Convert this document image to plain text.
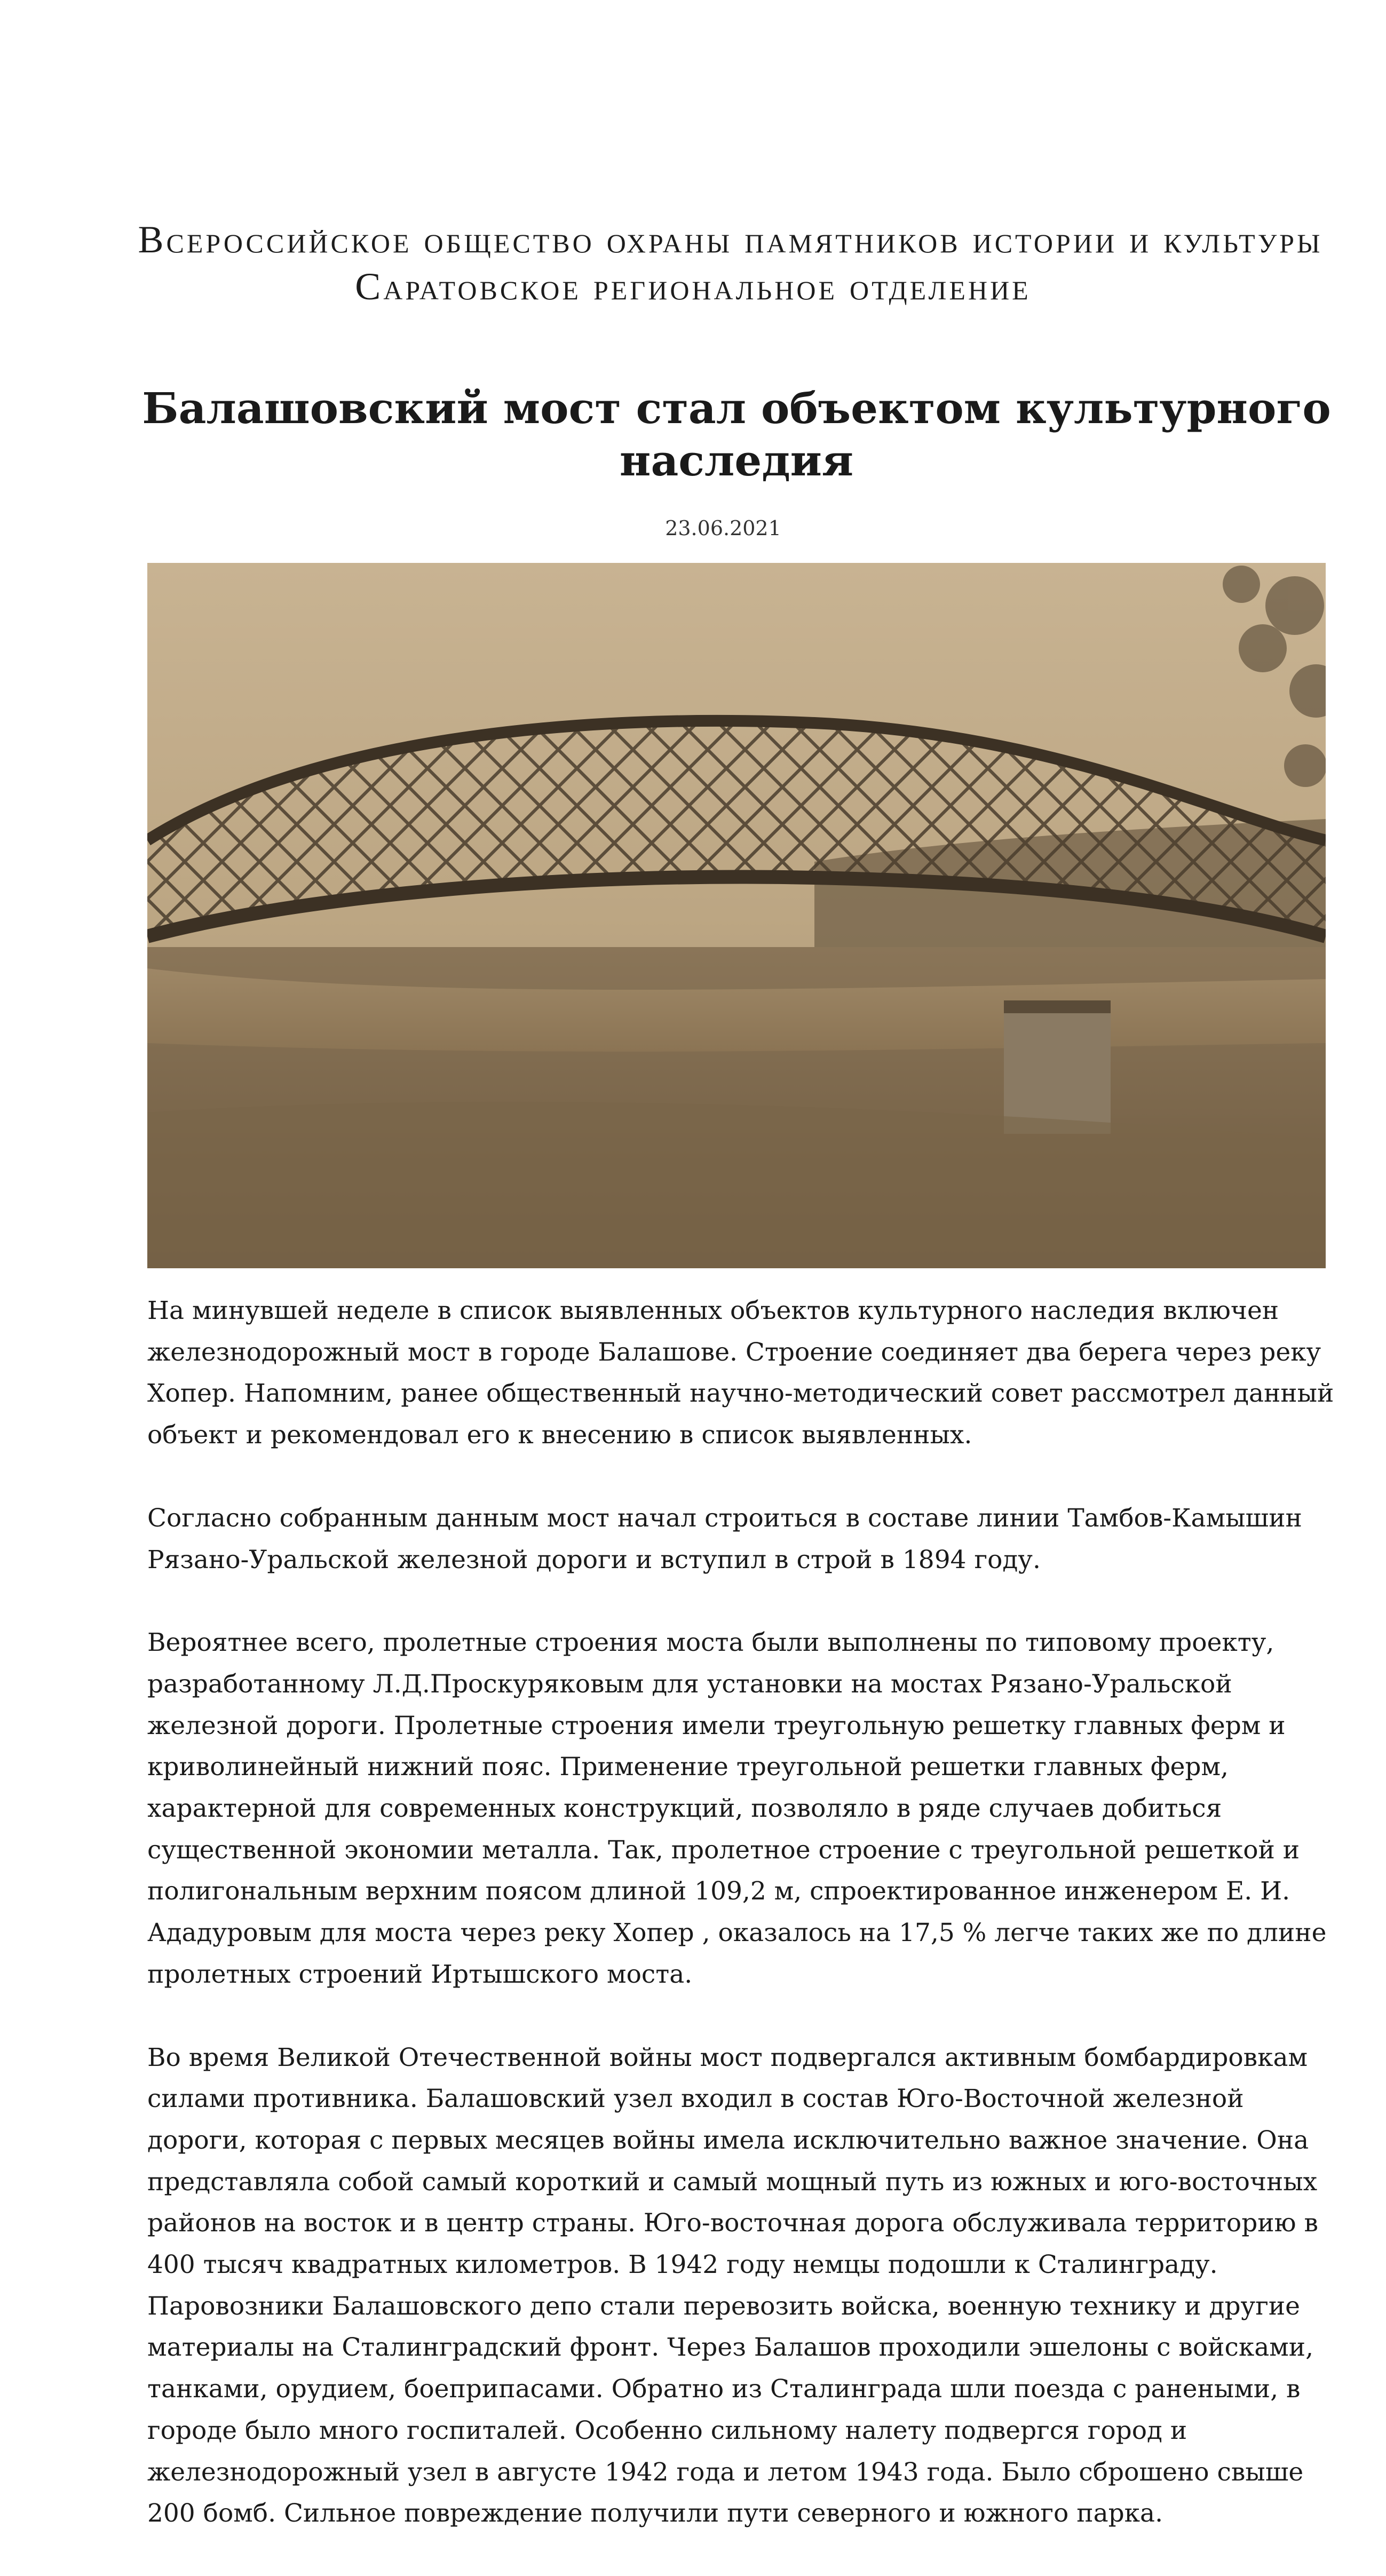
Всероссийское общество охраны памятников истории и культуры
Саратовское региональное отделение
Балашовский мост стал объектом культурного наследия
23.06.2021

На минувшей неделе в список выявленных объектов культурного наследия включен железнодорожный мост в городе Балашове. Строение соединяет два берега через реку Хопер. Напомним, ранее общественный научно-методический совет рассмотрел данный объект и рекомендовал его к внесению в список выявленных.

Согласно собранным данным мост начал строиться в составе линии Тамбов-Камышин Рязано-Уральской железной дороги и вступил в строй в 1894 году.

Вероятнее всего, пролетные строения моста были выполнены по типовому проекту, разработанному Л.Д.Проскуряковым для установки на мостах Рязано-Уральской железной дороги. Пролетные строения имели треугольную решетку главных ферм и криволинейный нижний пояс. Применение треугольной решетки главных ферм, характерной для современных конструкций, позволяло в ряде случаев добиться существенной экономии металла. Так, пролетное строение с треугольной решеткой и полигональным верхним поясом длиной 109,2 м, спроектированное инженером Е. И. Ададуровым для моста через реку Хопер , оказалось на 17,5 % легче таких же по длине пролетных строений Иртышского моста.

Во время Великой Отечественной войны мост подвергался активным бомбардировкам силами противника. Балашовский узел входил в состав Юго-Восточной железной дороги, которая с первых месяцев войны имела исключительно важное значение. Она представляла собой самый короткий и самый мощный путь из южных и юго-восточных районов на восток и в центр страны. Юго-восточная дорога обслуживала территорию в 400 тысяч квадратных километров. В 1942 году немцы подошли к Сталинграду. Паровозники Балашовского депо стали перевозить войска, военную технику и другие материалы на Сталинградский фронт. Через Балашов проходили эшелоны с войсками, танками, орудием, боеприпасами. Обратно из Сталинграда шли поезда с ранеными, в городе было много госпиталей. Особенно сильному налету подвергся город и железнодорожный узел в августе 1942 года и летом 1943 года. Было сброшено свыше 200 бомб. Сильное повреждение получили пути северного и южного парка.
